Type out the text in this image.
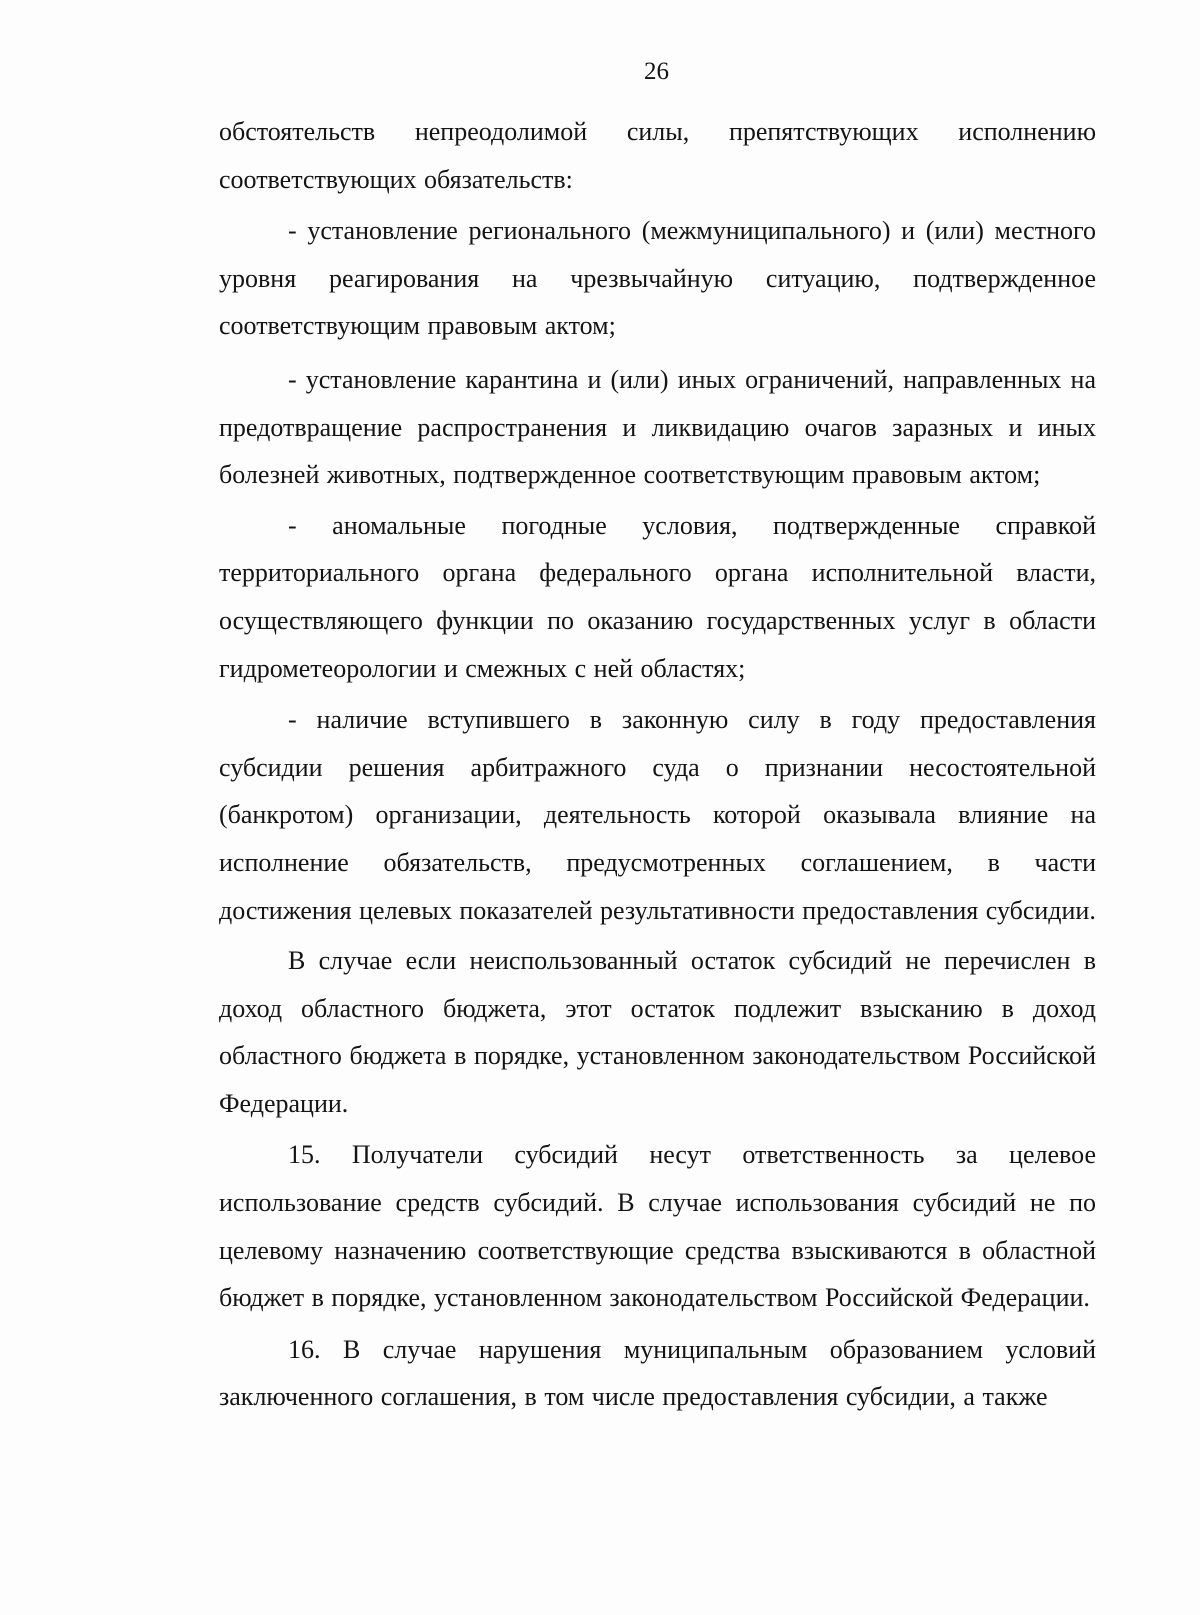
26

обстоятельств непреодолимой силы, препятствующих исполнению соответствующих обязательств:

- установление регионального (межмуниципального) и (или) местного уровня реагирования на чрезвычайную ситуацию, подтвержденное соответствующим правовым актом;

- установление карантина и (или) иных ограничений, направленных на предотвращение распространения и ликвидацию очагов заразных и иных болезней животных, подтвержденное соответствующим правовым актом;

- аномальные погодные условия, подтвержденные справкой территориального органа федерального органа исполнительной власти, осуществляющего функции по оказанию государственных услуг в области гидрометеорологии и смежных с ней областях;

- наличие вступившего в законную силу в году предоставления субсидии решения арбитражного суда о признании несостоятельной (банкротом) организации, деятельность которой оказывала влияние на исполнение обязательств, предусмотренных соглашением, в части достижения целевых показателей результативности предоставления субсидии.

В случае если неиспользованный остаток субсидий не перечислен в доход областного бюджета, этот остаток подлежит взысканию в доход областного бюджета в порядке, установленном законодательством Российской Федерации.

15. Получатели субсидий несут ответственность за целевое использование средств субсидий. В случае использования субсидий не по целевому назначению соответствующие средства взыскиваются в областной бюджет в порядке, установленном законодательством Российской Федерации.

16. В случае нарушения муниципальным образованием условий заключенного соглашения, в том числе предоставления субсидии, а также
